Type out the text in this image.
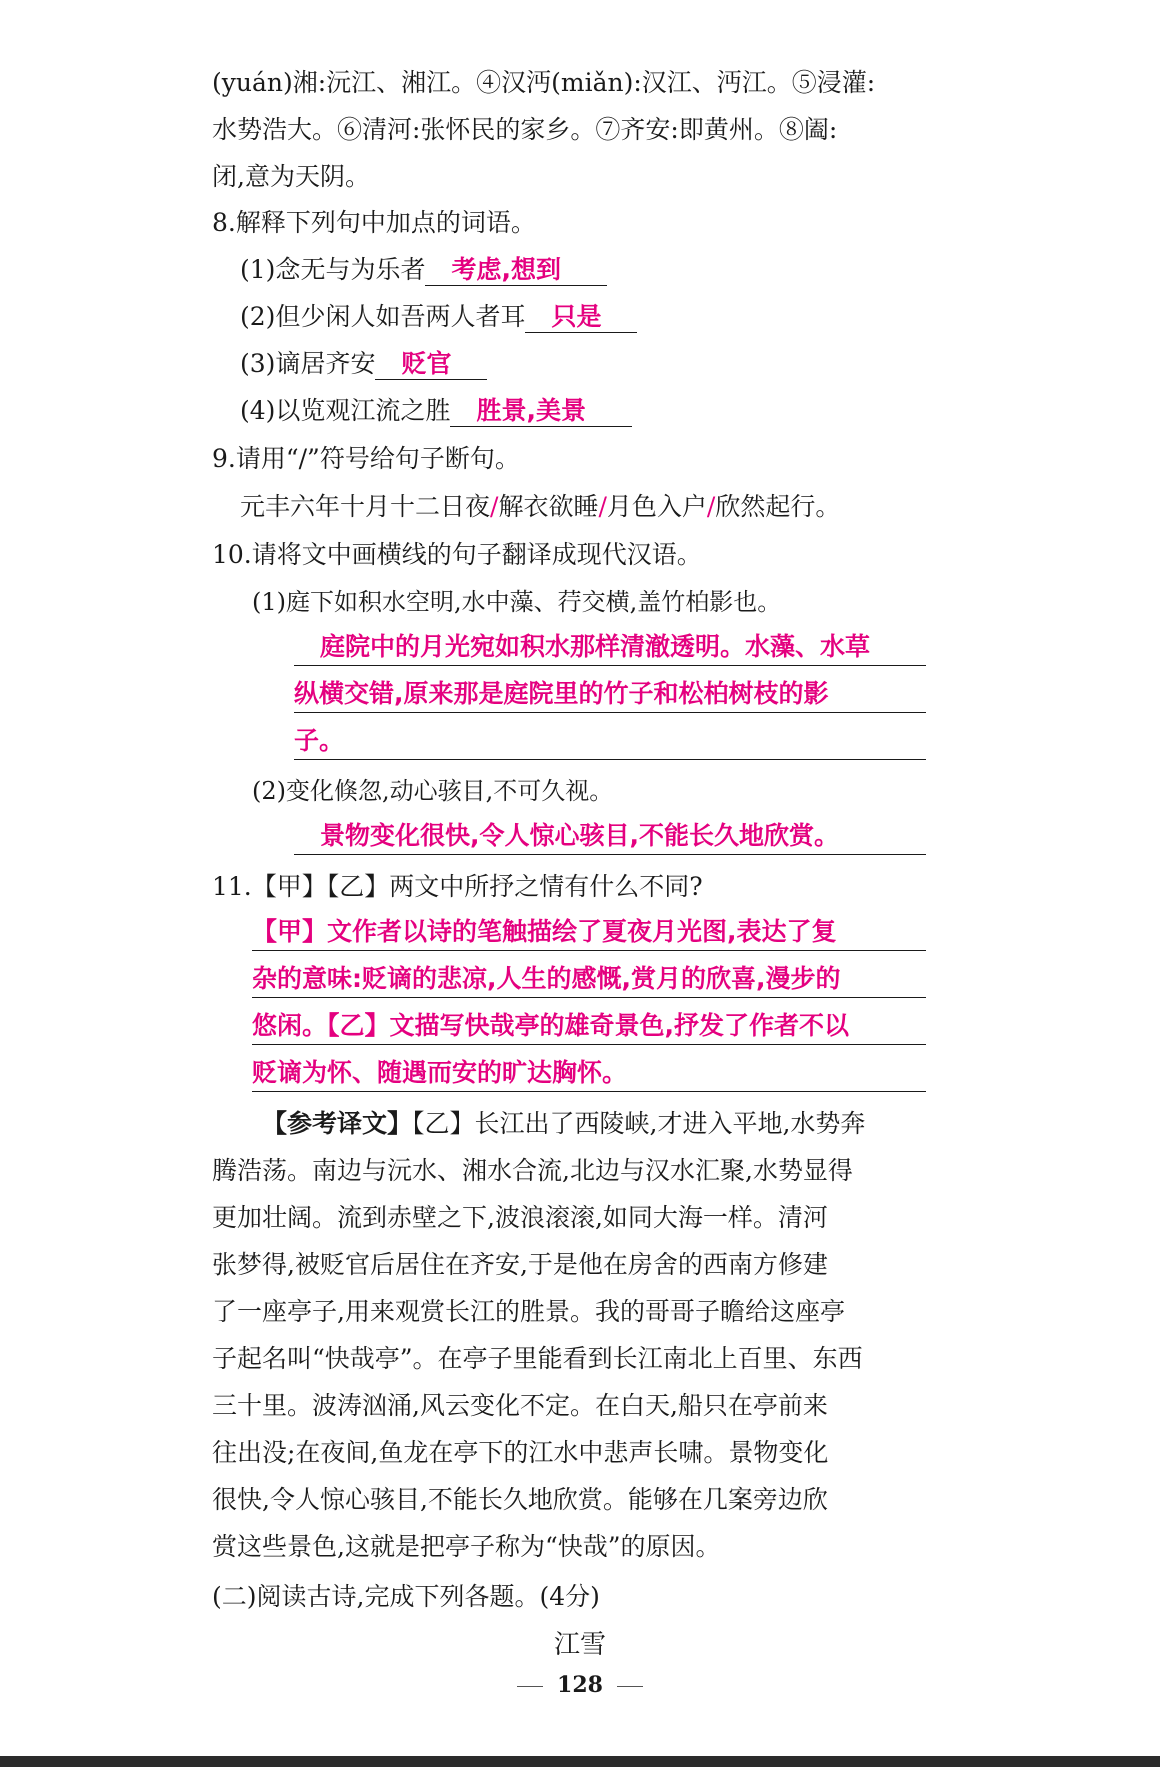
(yuán)湘:沅江、湘江。④汉沔(miǎn):汉江、沔江。⑤浸灌:
水势浩大。⑥清河:张怀民的家乡。⑦齐安:即黄州。⑧阖:
闭,意为天阴。
8.解释下列句中加点的词语。
(1)念无与为乐者 考虑,想到
(2)但少闲人如吾两人者耳 只是
(3)谪居齐安 贬官
(4)以览观江流之胜 胜景,美景
9.请用“/”符号给句子断句。
元丰六年十月十二日夜/解衣欲睡/月色入户/欣然起行。
10.请将文中画横线的句子翻译成现代汉语。
(1)庭下如积水空明,水中藻、荇交横,盖竹柏影也。
庭院中的月光宛如积水那样清澈透明。水藻、水草
纵横交错,原来那是庭院里的竹子和松柏树枝的影
子。
(2)变化倏忽,动心骇目,不可久视。
景物变化很快,令人惊心骇目,不能长久地欣赏。
11.【甲】【乙】两文中所抒之情有什么不同?
【甲】文作者以诗的笔触描绘了夏夜月光图,表达了复
杂的意味:贬谪的悲凉,人生的感慨,赏月的欣喜,漫步的
悠闲。【乙】文描写快哉亭的雄奇景色,抒发了作者不以
贬谪为怀、随遇而安的旷达胸怀。
【参考译文】【乙】长江出了西陵峡,才进入平地,水势奔
腾浩荡。南边与沅水、湘水合流,北边与汉水汇聚,水势显得
更加壮阔。流到赤壁之下,波浪滚滚,如同大海一样。清河
张梦得,被贬官后居住在齐安,于是他在房舍的西南方修建
了一座亭子,用来观赏长江的胜景。我的哥哥子瞻给这座亭
子起名叫“快哉亭”。在亭子里能看到长江南北上百里、东西
三十里。波涛汹涌,风云变化不定。在白天,船只在亭前来
往出没;在夜间,鱼龙在亭下的江水中悲声长啸。景物变化
很快,令人惊心骇目,不能长久地欣赏。能够在几案旁边欣
赏这些景色,这就是把亭子称为“快哉”的原因。
(二)阅读古诗,完成下列各题。(4分)
江雪
128
